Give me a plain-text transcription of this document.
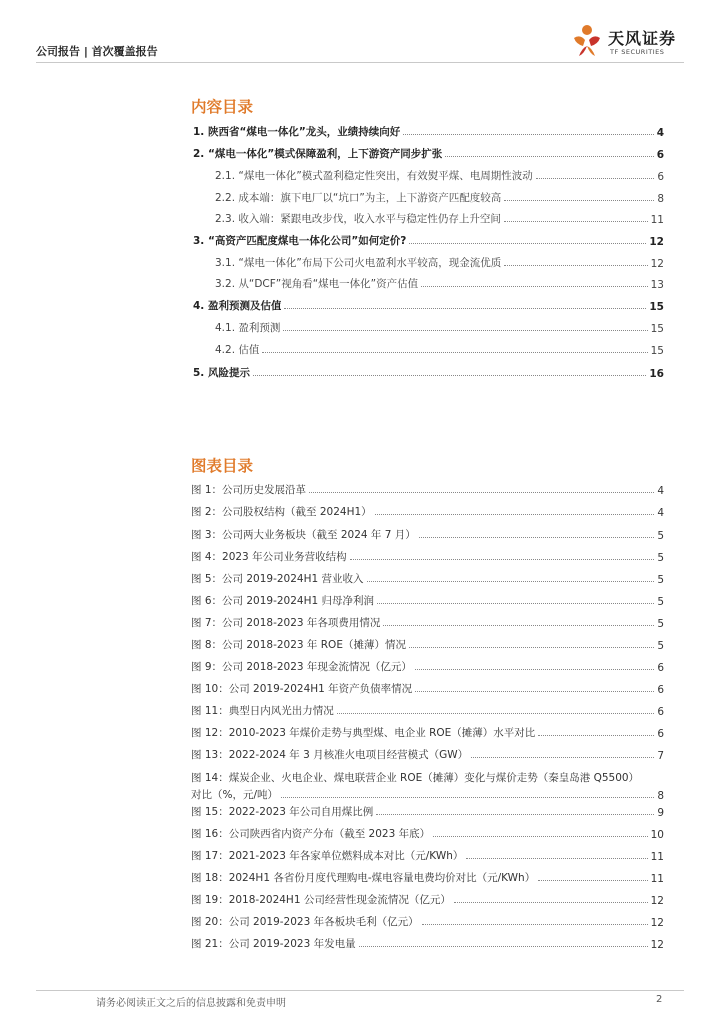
公司报告 | 首次覆盖报告
天风证券
TF SECURITIES
内容目录
1. 陕西省“煤电一体化”龙头，业绩持续向好	4
2. “煤电一体化”模式保障盈利，上下游资产同步扩张	6
2.1. “煤电一体化”模式盈利稳定性突出，有效熨平煤、电周期性波动	6
2.2. 成本端：旗下电厂以“坑口”为主，上下游资产匹配度较高	8
2.3. 收入端：紧跟电改步伐，收入水平与稳定性仍存上升空间	11
3. “高资产匹配度煤电一体化公司”如何定价?	12
3.1. “煤电一体化”布局下公司火电盈利水平较高，现金流优质	12
3.2. 从“DCF”视角看“煤电一体化”资产估值	13
4. 盈利预测及估值	15
4.1. 盈利预测	15
4.2. 估值	15
5. 风险提示	16
图表目录
图 1：公司历史发展沿革	4
图 2：公司股权结构（截至 2024H1）	4
图 3：公司两大业务板块（截至 2024 年 7 月）	5
图 4：2023 年公司业务营收结构	5
图 5：公司 2019-2024H1 营业收入	5
图 6：公司 2019-2024H1 归母净利润	5
图 7：公司 2018-2023 年各项费用情况	5
图 8：公司 2018-2023 年 ROE（摊薄）情况	5
图 9：公司 2018-2023 年现金流情况（亿元）	6
图 10：公司 2019-2024H1 年资产负债率情况	6
图 11：典型日内风光出力情况	6
图 12：2010-2023 年煤价走势与典型煤、电企业 ROE（摊薄）水平对比	6
图 13：2022-2024 年 3 月核准火电项目经营模式（GW）	7
图 14：煤炭企业、火电企业、煤电联营企业 ROE（摊薄）变化与煤价走势（秦皇岛港 Q5500）
对比（%，元/吨）	8
图 15：2022-2023 年公司自用煤比例	9
图 16：公司陕西省内资产分布（截至 2023 年底）	10
图 17：2021-2023 年各家单位燃料成本对比（元/KWh）	11
图 18：2024H1 各省份月度代理购电-煤电容量电费均价对比（元/KWh）	11
图 19：2018-2024H1 公司经营性现金流情况（亿元）	12
图 20：公司 2019-2023 年各板块毛利（亿元）	12
图 21：公司 2019-2023 年发电量	12
请务必阅读正文之后的信息披露和免责申明	2
